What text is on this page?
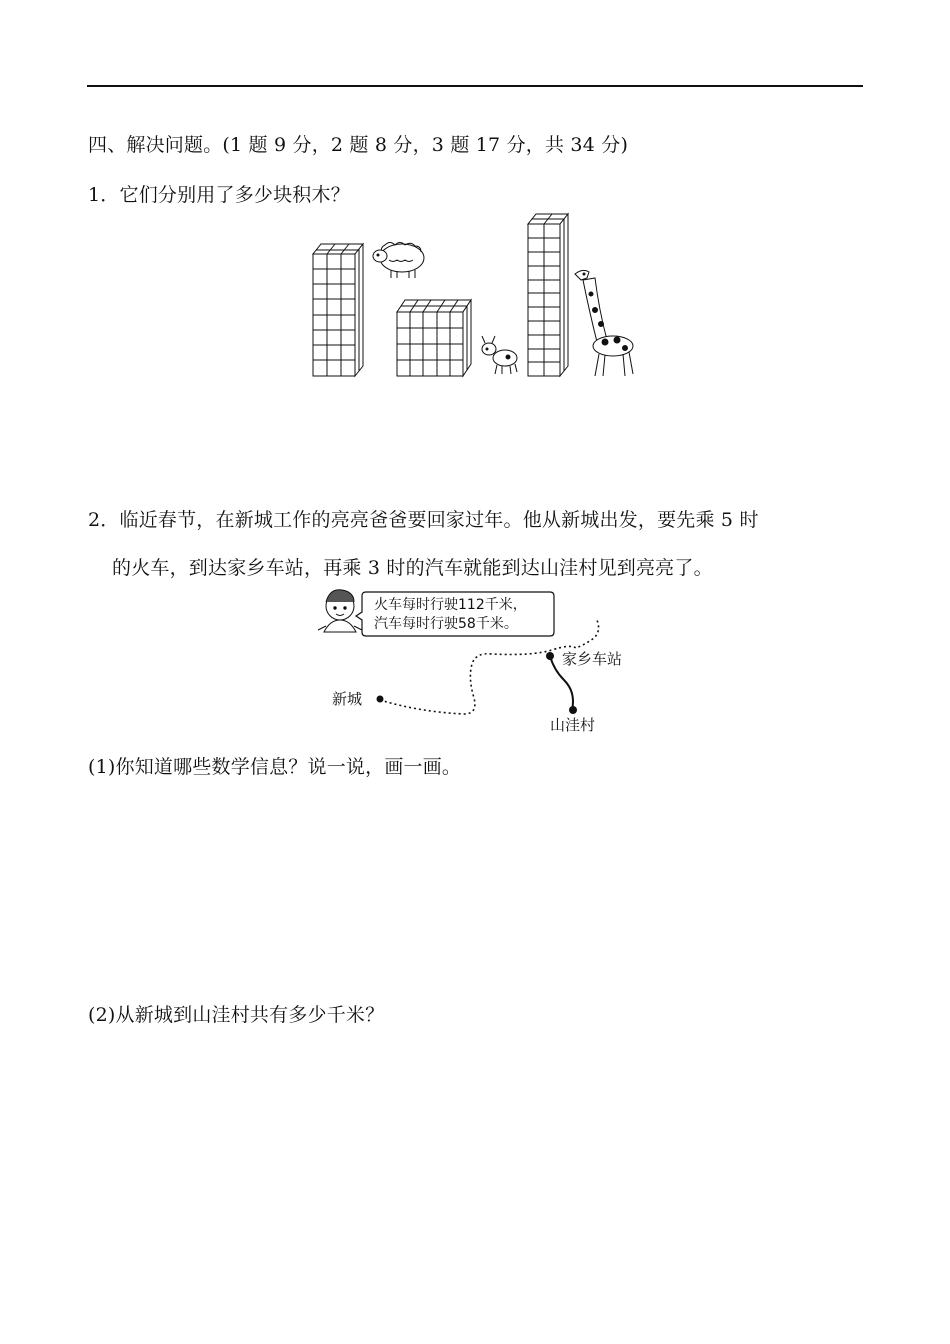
四、解决问题。(1 题 9 分，2 题 8 分，3 题 17 分，共 34 分)
1．它们分别用了多少块积木？
2．临近春节，在新城工作的亮亮爸爸要回家过年。他从新城出发，要先乘 5 时
的火车，到达家乡车站，再乘 3 时的汽车就能到达山洼村见到亮亮了。
火车每时行驶112千米，
汽车每时行驶58千米。
新城
家乡车站
山洼村
(1)你知道哪些数学信息？说一说，画一画。
(2)从新城到山洼村共有多少千米？
